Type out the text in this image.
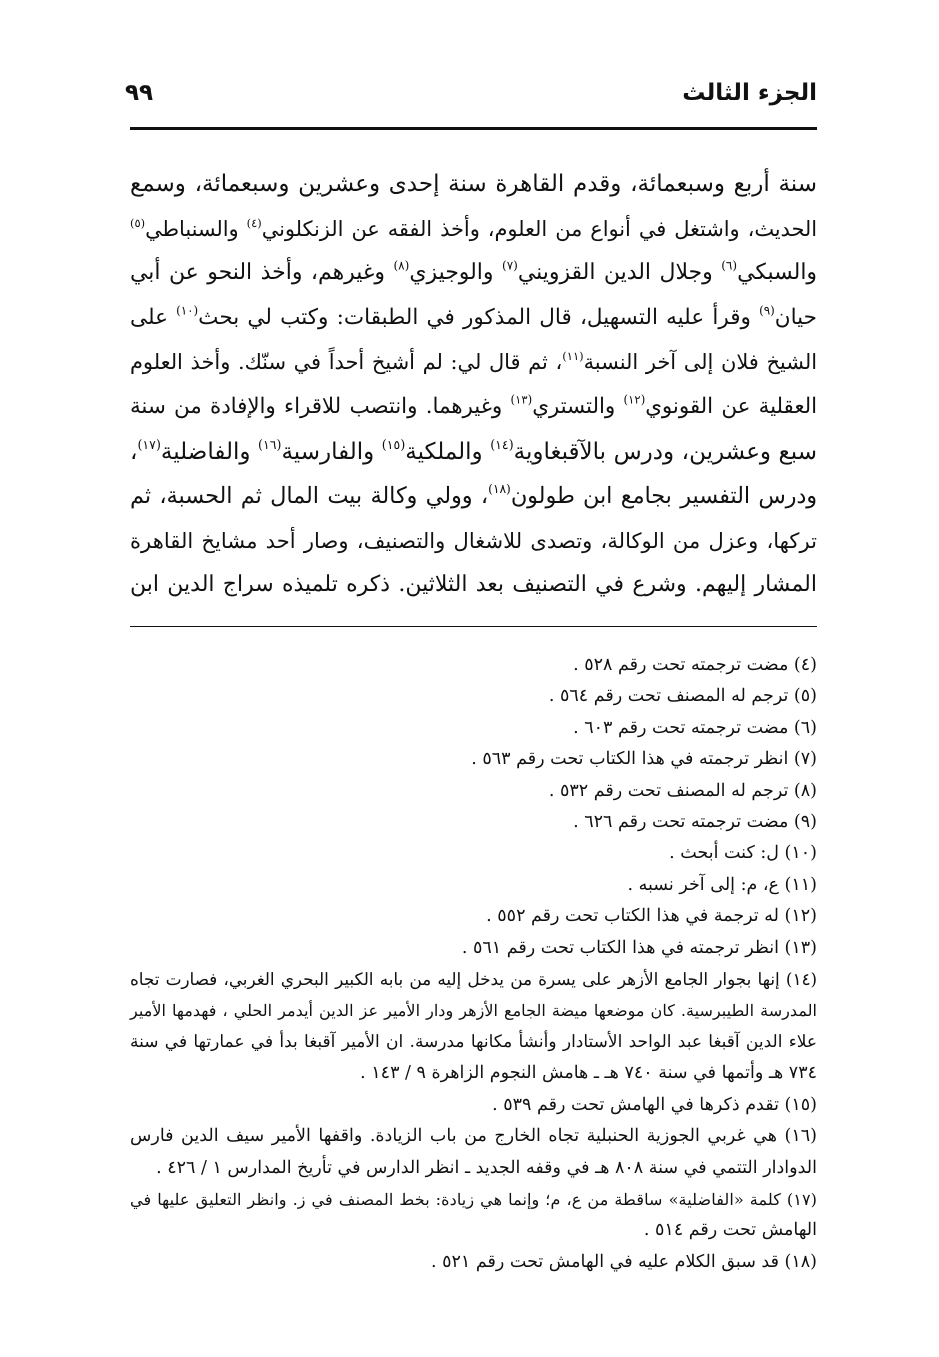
الجزء الثالث
٩٩
سنة أربع وسبعمائة، وقدم القاهرة سنة إحدى وعشرين وسبعمائة، وسمع
الحديث، واشتغل في أنواع من العلوم، وأخذ الفقه عن الزنكلوني$^{(٤)}$ والسنباطي$^{(٥)}$
والسبكي$^{(٦)}$ وجلال الدين القزويني$^{(٧)}$ والوجيزي$^{(٨)}$ وغيرهم، وأخذ النحو عن أبي
حيان$^{(٩)}$ وقرأ عليه التسهيل، قال المذكور في الطبقات: وكتب لي بحث$^{(١٠)}$ على
الشيخ فلان إلى آخر النسبة$^{(١١)}$، ثم قال لي: لم أشيخ أحداً في سنّك. وأخذ العلوم
العقلية عن القونوي$^{(١٢)}$ والتستري$^{(١٣)}$ وغيرهما. وانتصب للاقراء والإفادة من سنة
سبع وعشرين، ودرس بالآقبغاوية$^{(١٤)}$ والملكية$^{(١٥)}$ والفارسية$^{(١٦)}$ والفاضلية$^{(١٧)}$،
ودرس التفسير بجامع ابن طولون$^{(١٨)}$، وولي وكالة بيت المال ثم الحسبة، ثم
تركها، وعزل من الوكالة، وتصدى للاشغال والتصنيف، وصار أحد مشايخ القاهرة
المشار إليهم. وشرع في التصنيف بعد الثلاثين. ذكره تلميذه سراج الدين ابن
(٤) مضت ترجمته تحت رقم ٥٢٨ .
(٥) ترجم له المصنف تحت رقم ٥٦٤ .
(٦) مضت ترجمته تحت رقم ٦٠٣ .
(٧) انظر ترجمته في هذا الكتاب تحت رقم ٥٦٣ .
(٨) ترجم له المصنف تحت رقم ٥٣٢ .
(٩) مضت ترجمته تحت رقم ٦٢٦ .
(١٠) ل: كنت أبحث .
(١١) ع، م: إلى آخر نسبه .
(١٢) له ترجمة في هذا الكتاب تحت رقم ٥٥٢ .
(١٣) انظر ترجمته في هذا الكتاب تحت رقم ٥٦١ .
(١٤) إنها بجوار الجامع الأزهر على يسرة من يدخل إليه من بابه الكبير البحري الغربي، فصارت تجاه
المدرسة الطيبرسية. كان موضعها ميضة الجامع الأزهر ودار الأمير عز الدين أيدمر الحلي ، فهدمها الأمير
علاء الدين آقبغا عبد الواحد الأستادار وأنشأ مكانها مدرسة. ان الأمير آقبغا بدأ في عمارتها في سنة
٧٣٤ هـ وأتمها في سنة ٧٤٠ هـ ـ هامش النجوم الزاهرة ٩ / ١٤٣ .
(١٥) تقدم ذكرها في الهامش تحت رقم ٥٣٩ .
(١٦) هي غربي الجوزية الحنبلية تجاه الخارج من باب الزيادة. واقفها الأمير سيف الدين فارس
الدوادار التتمي في سنة ٨٠٨ هـ في وقفه الجديد ـ انظر الدارس في تأريخ المدارس ١ / ٤٢٦ .
(١٧) كلمة «الفاضلية» ساقطة من ع، م؛ وإنما هي زيادة: بخط المصنف في ز. وانظر التعليق عليها في
الهامش تحت رقم ٥١٤ .
(١٨) قد سبق الكلام عليه في الهامش تحت رقم ٥٢١ .
